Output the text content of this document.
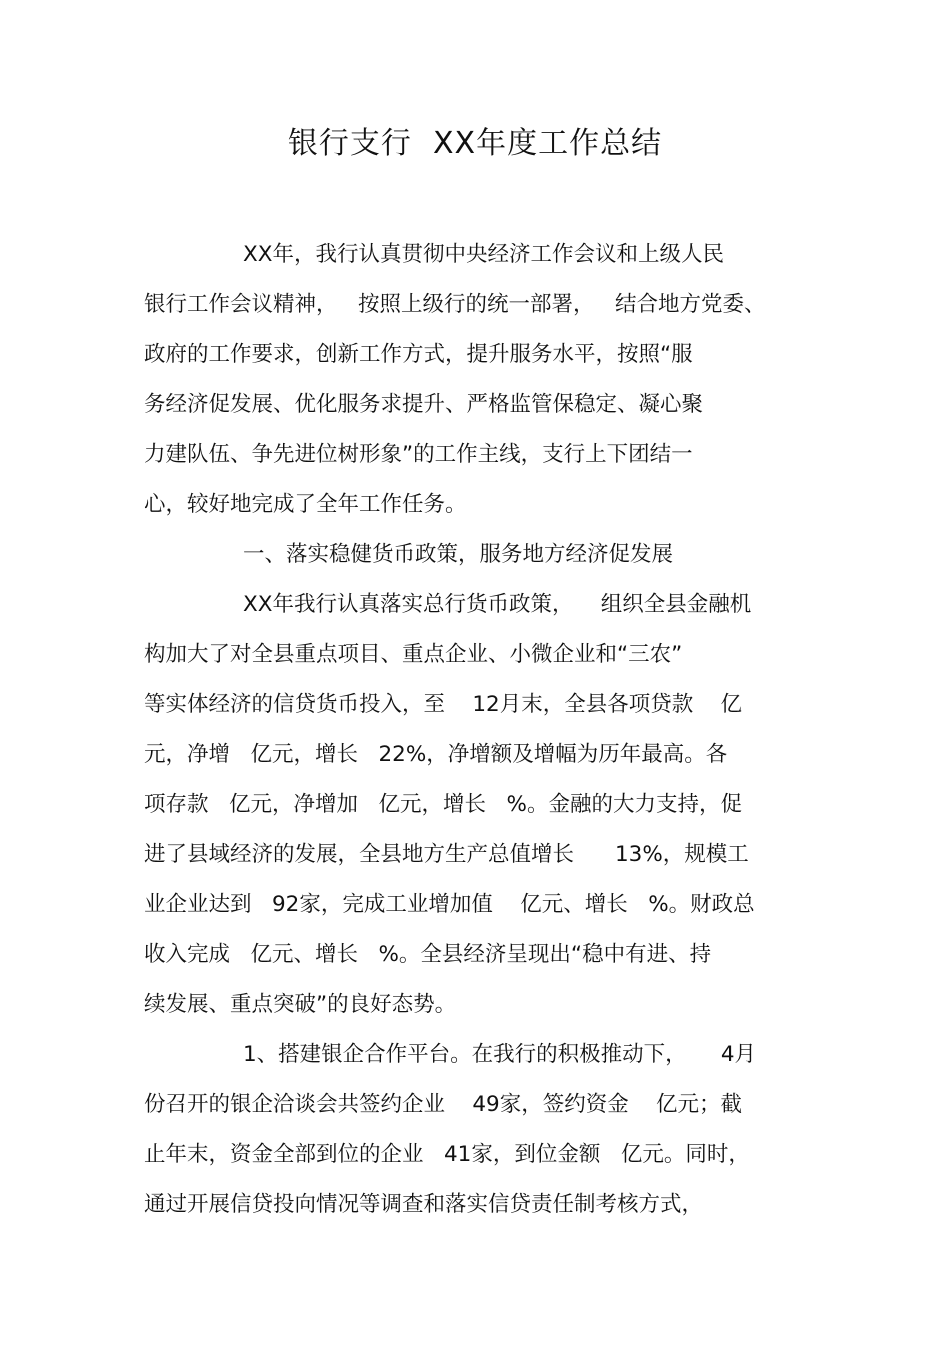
银行支行  XX年度工作总结
XX年，我行认真贯彻中央经济工作会议和上级人民
银行工作会议精神，   按照上级行的统一部署，   结合地方党委、
政府的工作要求，创新工作方式，提升服务水平，按照“服
务经济促发展、优化服务求提升、严格监管保稳定、凝心聚
力建队伍、争先进位树形象”的工作主线，支行上下团结一
心，较好地完成了全年工作任务。
一、落实稳健货币政策，服务地方经济促发展
XX年我行认真落实总行货币政策，    组织全县金融机
构加大了对全县重点项目、重点企业、小微企业和“三农”
等实体经济的信贷货币投入，至    12月末，全县各项贷款    亿
元，净增   亿元，增长   22%，净增额及增幅为历年最高。各
项存款   亿元，净增加   亿元，增长   %。金融的大力支持，促
进了县域经济的发展，全县地方生产总值增长      13%，规模工
业企业达到   92家，完成工业增加值    亿元、增长   %。财政总
收入完成   亿元、增长   %。全县经济呈现出“稳中有进、持
续发展、重点突破”的良好态势。
1、搭建银企合作平台。在我行的积极推动下，     4月
份召开的银企洽谈会共签约企业    49家，签约资金    亿元；截
止年末，资金全部到位的企业   41家，到位金额   亿元。同时，
通过开展信贷投向情况等调查和落实信贷责任制考核方式，
